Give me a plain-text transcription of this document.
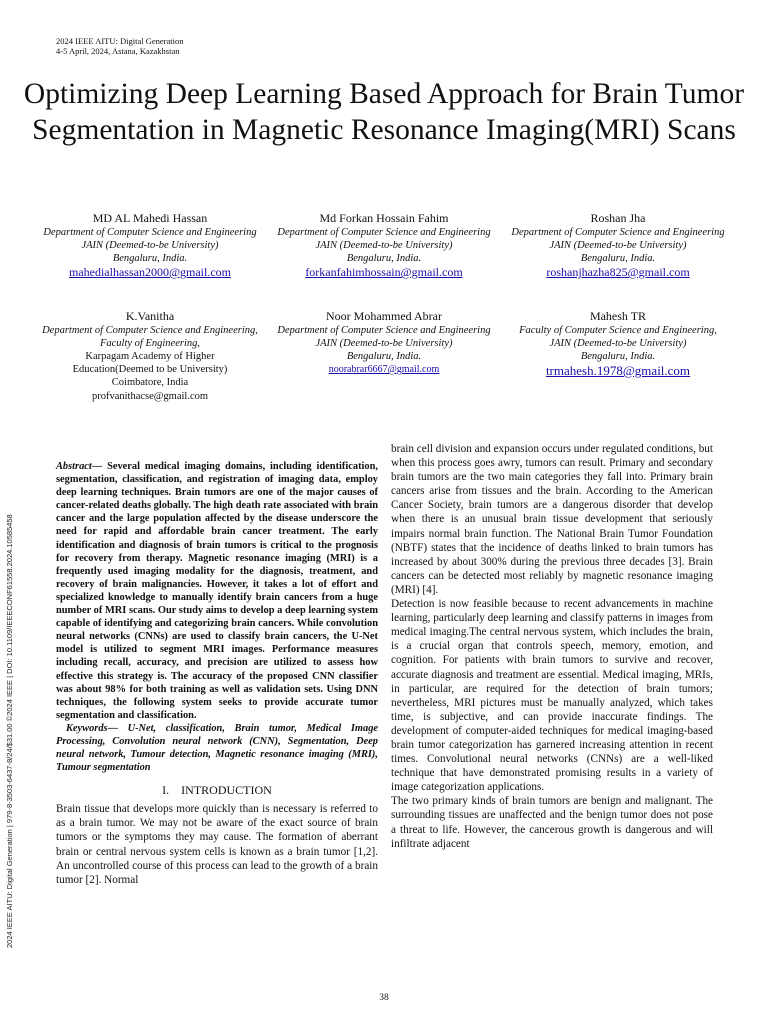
2024 IEEE AITU: Digital Generation
4-5 April, 2024, Astana, Kazakhstan
Optimizing Deep Learning Based Approach for Brain Tumor Segmentation in Magnetic Resonance Imaging(MRI) Scans
MD AL Mahedi Hassan
Department of Computer Science and Engineering
JAIN (Deemed-to-be University)
Bengaluru, India.
mahedialhassan2000@gmail.com
Md Forkan Hossain Fahim
Department of Computer Science and Engineering
JAIN (Deemed-to-be University)
Bengaluru, India.
forkanfahimhossain@gmail.com
Roshan Jha
Department of Computer Science and Engineering
JAIN (Deemed-to-be University)
Bengaluru, India.
roshanjhazha825@gmail.com
K.Vanitha
Department of Computer Science and Engineering,
Faculty of Engineering,
Karpagam Academy of Higher
Education(Deemed to be University)
Coimbatore, India
profvanithacse@gmail.com
Noor Mohammed Abrar
Department of Computer Science and Engineering
JAIN (Deemed-to-be University)
Bengaluru, India.
noorabrar6667@gmail.com
Mahesh TR
Faculty of Computer Science and Engineering,
JAIN (Deemed-to-be University)
Bengaluru, India.
trmahesh.1978@gmail.com
2024 IEEE AITU: Digital Generation | 979-8-3503-6437-8/24/$31.00 ©2024 IEEE | DOI: 10.1109/IEEECONF61558.2024.10585458

Abstract— Several medical imaging domains, including identification, segmentation, classification, and registration of imaging data, employ deep learning techniques. Brain tumors are one of the major causes of cancer-related deaths globally. The high death rate associated with brain cancer and the large population affected by the disease underscore the need for rapid and affordable brain cancer treatment. The early identification and diagnosis of brain tumors is critical to the prognosis for recovery from therapy. Magnetic resonance imaging (MRI) is a frequently used imaging modality for the diagnosis, treatment, and recovery of brain malignancies. However, it takes a lot of effort and specialized knowledge to manually identify brain cancers from a huge number of MRI scans. Our study aims to develop a deep learning system capable of identifying and categorizing brain cancers. While convolution neural networks (CNNs) are used to classify brain cancers, the U-Net model is utilized to segment MRI images. Performance measures including recall, accuracy, and precision are utilized to assess how effective this strategy is. The accuracy of the proposed CNN classifier was about 98% for both training as well as validation sets. Using DNN techniques, the following system seeks to provide accurate tumor segmentation and classification.

Keywords— U-Net, classification, Brain tumor, Medical Image Processing, Convolution neural network (CNN), Segmentation, Deep neural network, Tumour detection, Magnetic resonance imaging (MRI), Tumour segmentation

I. INTRODUCTION

Brain tissue that develops more quickly than is necessary is referred to as a brain tumor. We may not be aware of the exact source of brain tumors or the symptoms they may cause. The formation of aberrant brain or central nervous system cells is known as a brain tumor [1,2]. An uncontrolled course of this process can lead to the growth of a brain tumor [2]. Normal

brain cell division and expansion occurs under regulated conditions, but when this process goes awry, tumors can result. Primary and secondary brain tumors are the two main categories they fall into. Primary brain cancers arise from tissues and the brain. According to the American Cancer Society, brain tumors are a dangerous disorder that develop when there is an unusual brain tissue development that seriously impairs normal brain function. The National Brain Tumor Foundation (NBTF) states that the incidence of deaths linked to brain tumors has increased by about 300% during the previous three decades [3]. Brain cancers can be detected most reliably by magnetic resonance imaging (MRI) [4].

Detection is now feasible because to recent advancements in machine learning, particularly deep learning and classify patterns in images from medical imaging.The central nervous system, which includes the brain, is a crucial organ that controls speech, memory, emotion, and cognition. For patients with brain tumors to survive and recover, accurate diagnosis and treatment are essential. Medical imaging, MRIs, in particular, are required for the detection of brain tumors; nevertheless, MRI pictures must be manually analyzed, which takes time, is subjective, and can provide inaccurate findings. The development of computer-aided techniques for medical imaging-based brain tumor categorization has garnered increasing attention in recent times. Convolutional neural networks (CNNs) are a well-liked technique that have demonstrated promising results in a variety of image categorization applications.

The two primary kinds of brain tumors are benign and malignant. The surrounding tissues are unaffected and the benign tumor does not pose a threat to life. However, the cancerous growth is dangerous and will infiltrate adjacent

38
